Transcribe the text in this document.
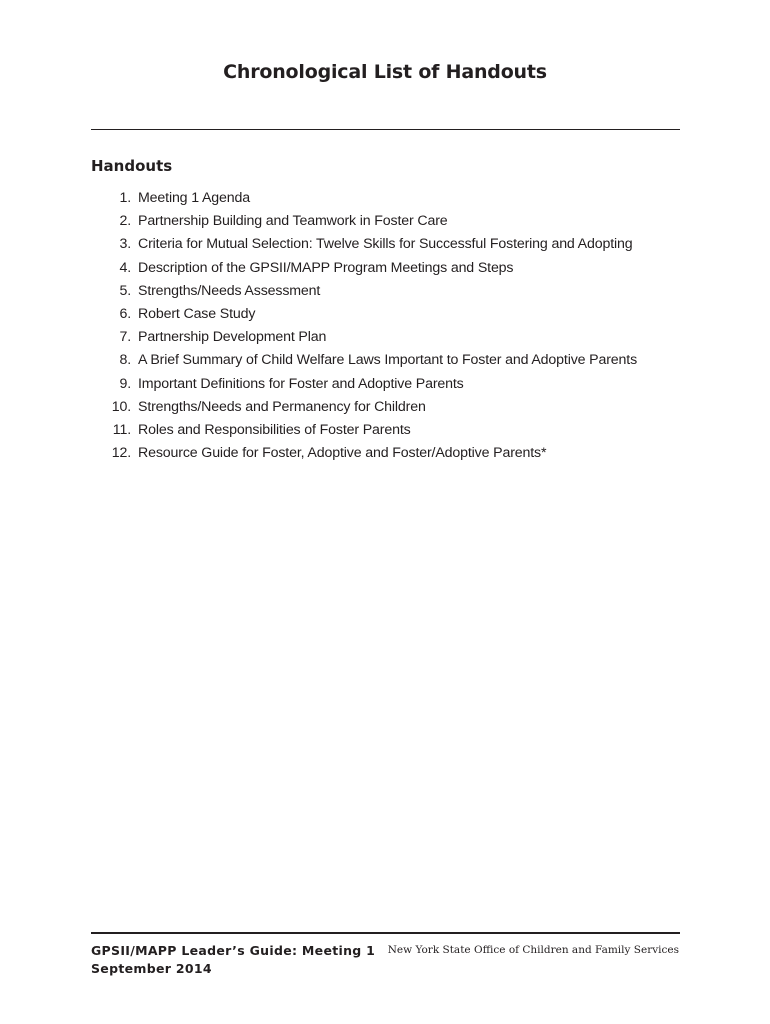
Chronological List of Handouts
Handouts
1. Meeting 1 Agenda
2. Partnership Building and Teamwork in Foster Care
3. Criteria for Mutual Selection: Twelve Skills for Successful Fostering and Adopting
4. Description of the GPSII/MAPP Program Meetings and Steps
5. Strengths/Needs Assessment
6. Robert Case Study
7. Partnership Development Plan
8. A Brief Summary of Child Welfare Laws Important to Foster and Adoptive Parents
9. Important Definitions for Foster and Adoptive Parents
10. Strengths/Needs and Permanency for Children
11. Roles and Responsibilities of Foster Parents
12. Resource Guide for Foster, Adoptive and Foster/Adoptive Parents*
GPSII/MAPP Leader’s Guide: Meeting 1
September 2014
New York State Office of Children and Family Services
